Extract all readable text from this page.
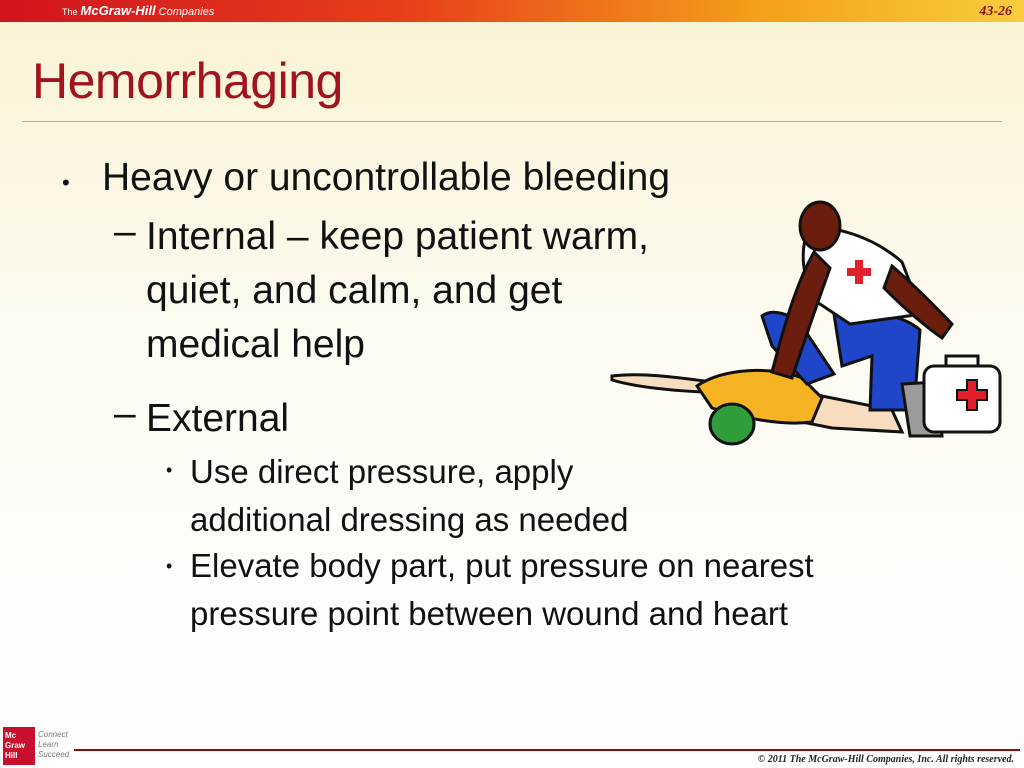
The McGraw-Hill Companies	43-26
Hemorrhaging
• Heavy or uncontrollable bleeding
– Internal – keep patient warm,
quiet, and calm, and get
medical help
– External
• Use direct pressure, apply
additional dressing as needed
• Elevate body part, put pressure on nearest
pressure point between wound and heart
Mc
Graw
Hill
Connect
Learn
Succeed	© 2011 The McGraw-Hill Companies, Inc. All rights reserved.
